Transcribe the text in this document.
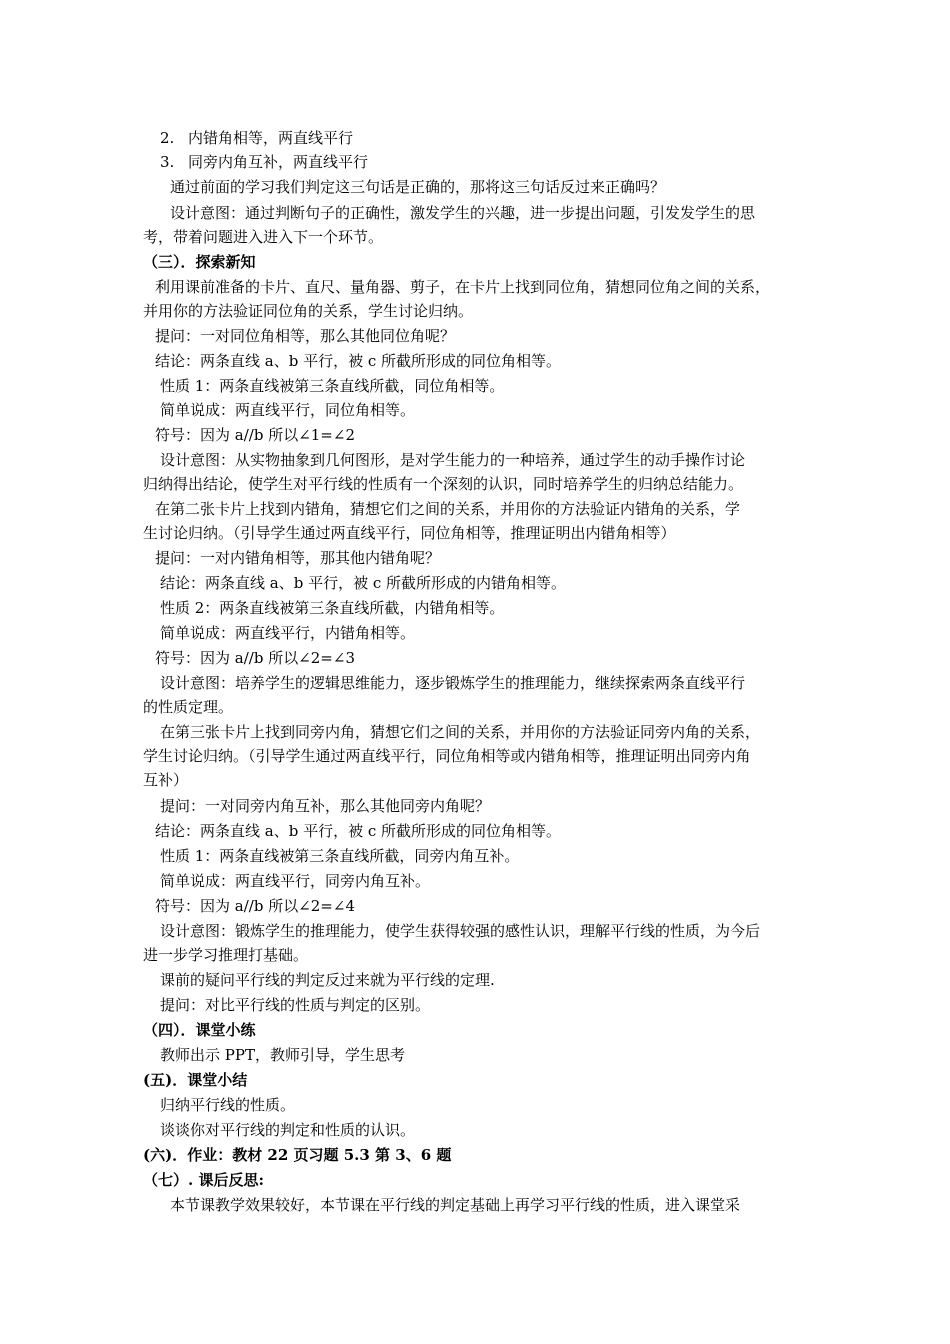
2. 内错角相等，两直线平行
3. 同旁内角互补，两直线平行
通过前面的学习我们判定这三句话是正确的，那将这三句话反过来正确吗？
设计意图：通过判断句子的正确性，激发学生的兴趣，进一步提出问题，引发发学生的思
考，带着问题进入进入下一个环节。
（三）．探索新知
利用课前准备的卡片、直尺、量角器、剪子，在卡片上找到同位角，猜想同位角之间的关系，
并用你的方法验证同位角的关系，学生讨论归纳。
提问：一对同位角相等，那么其他同位角呢？
结论：两条直线 a、b 平行，被 c 所截所形成的同位角相等。
性质 1：两条直线被第三条直线所截，同位角相等。
简单说成：两直线平行，同位角相等。
符号：因为 a//b 所以∠1=∠2
设计意图：从实物抽象到几何图形，是对学生能力的一种培养，通过学生的动手操作讨论
归纳得出结论，使学生对平行线的性质有一个深刻的认识，同时培养学生的归纳总结能力。
在第二张卡片上找到内错角，猜想它们之间的关系，并用你的方法验证内错角的关系，学
生讨论归纳。（引导学生通过两直线平行，同位角相等，推理证明出内错角相等）
提问：一对内错角相等，那其他内错角呢？
结论：两条直线 a、b 平行，被 c 所截所形成的内错角相等。
性质 2：两条直线被第三条直线所截，内错角相等。
简单说成：两直线平行，内错角相等。
符号：因为 a//b 所以∠2=∠3
设计意图：培养学生的逻辑思维能力，逐步锻炼学生的推理能力，继续探索两条直线平行
的性质定理。
在第三张卡片上找到同旁内角，猜想它们之间的关系，并用你的方法验证同旁内角的关系，
学生讨论归纳。（引导学生通过两直线平行，同位角相等或内错角相等，推理证明出同旁内角
互补）
提问：一对同旁内角互补，那么其他同旁内角呢？
结论：两条直线 a、b 平行，被 c 所截所形成的同位角相等。
性质 1：两条直线被第三条直线所截，同旁内角互补。
简单说成：两直线平行，同旁内角互补。
符号：因为 a//b 所以∠2=∠4
设计意图：锻炼学生的推理能力，使学生获得较强的感性认识，理解平行线的性质，为今后
进一步学习推理打基础。
课前的疑问平行线的判定反过来就为平行线的定理.
提问：对比平行线的性质与判定的区别。
（四）．课堂小练
教师出示 PPT，教师引导，学生思考
(五)．课堂小结
归纳平行线的性质。
谈谈你对平行线的判定和性质的认识。
(六)．作业：教材 22 页习题 5.3 第 3、6 题
（七）. 课后反思:
本节课教学效果较好，本节课在平行线的判定基础上再学习平行线的性质，进入课堂采
